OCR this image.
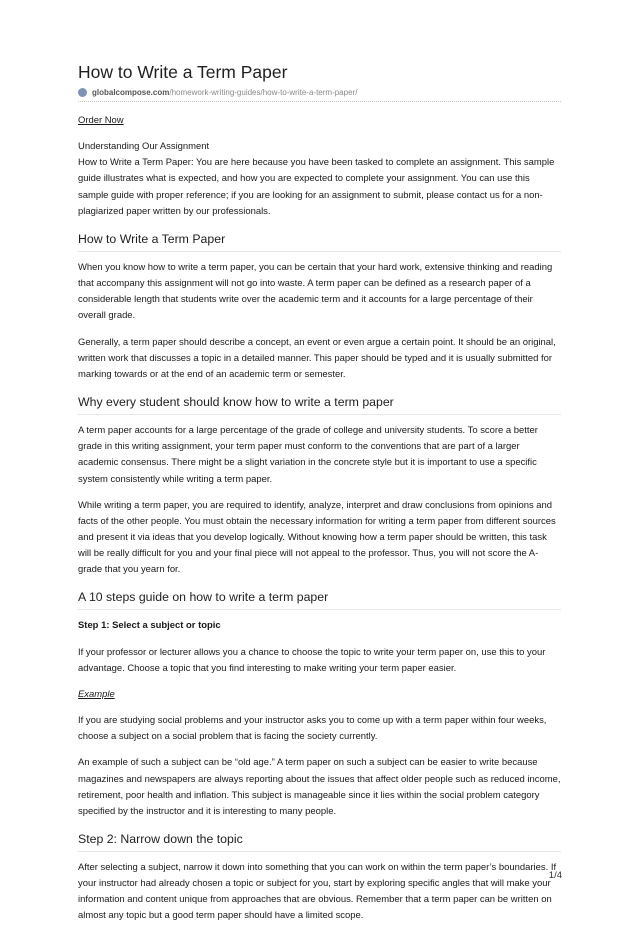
How to Write a Term Paper
globalcompose.com/homework-writing-guides/how-to-write-a-term-paper/

Order Now

Understanding Our Assignment

How to Write a Term Paper: You are here because you have been tasked to complete an assignment. This sample guide illustrates what is expected, and how you are expected to complete your assignment. You can use this sample guide with proper reference; if you are looking for an assignment to submit, please contact us for a non-plagiarized paper written by our professionals.

How to Write a Term Paper

When you know how to write a term paper, you can be certain that your hard work, extensive thinking and reading that accompany this assignment will not go into waste. A term paper can be defined as a research paper of a considerable length that students write over the academic term and it accounts for a large percentage of their overall grade.

Generally, a term paper should describe a concept, an event or even argue a certain point. It should be an original, written work that discusses a topic in a detailed manner. This paper should be typed and it is usually submitted for marking towards or at the end of an academic term or semester.

Why every student should know how to write a term paper

A term paper accounts for a large percentage of the grade of college and university students. To score a better grade in this writing assignment, your term paper must conform to the conventions that are part of a larger academic consensus. There might be a slight variation in the concrete style but it is important to use a specific system consistently while writing a term paper.

While writing a term paper, you are required to identify, analyze, interpret and draw conclusions from opinions and facts of the other people. You must obtain the necessary information for writing a term paper from different sources and present it via ideas that you develop logically. Without knowing how a term paper should be written, this task will be really difficult for you and your final piece will not appeal to the professor. Thus, you will not score the A-grade that you yearn for.

A 10 steps guide on how to write a term paper

Step 1: Select a subject or topic

If your professor or lecturer allows you a chance to choose the topic to write your term paper on, use this to your advantage. Choose a topic that you find interesting to make writing your term paper easier.

Example

If you are studying social problems and your instructor asks you to come up with a term paper within four weeks, choose a subject on a social problem that is facing the society currently.

An example of such a subject can be “old age.” A term paper on such a subject can be easier to write because magazines and newspapers are always reporting about the issues that affect older people such as reduced income, retirement, poor health and inflation. This subject is manageable since it lies within the social problem category specified by the instructor and it is interesting to many people.

Step 2: Narrow down the topic

After selecting a subject, narrow it down into something that you can work on within the term paper’s boundaries. If your instructor had already chosen a topic or subject for you, start by exploring specific angles that will make your information and content unique from approaches that are obvious. Remember that a term paper can be written on almost any topic but a good term paper should have a limited scope.

1/4
